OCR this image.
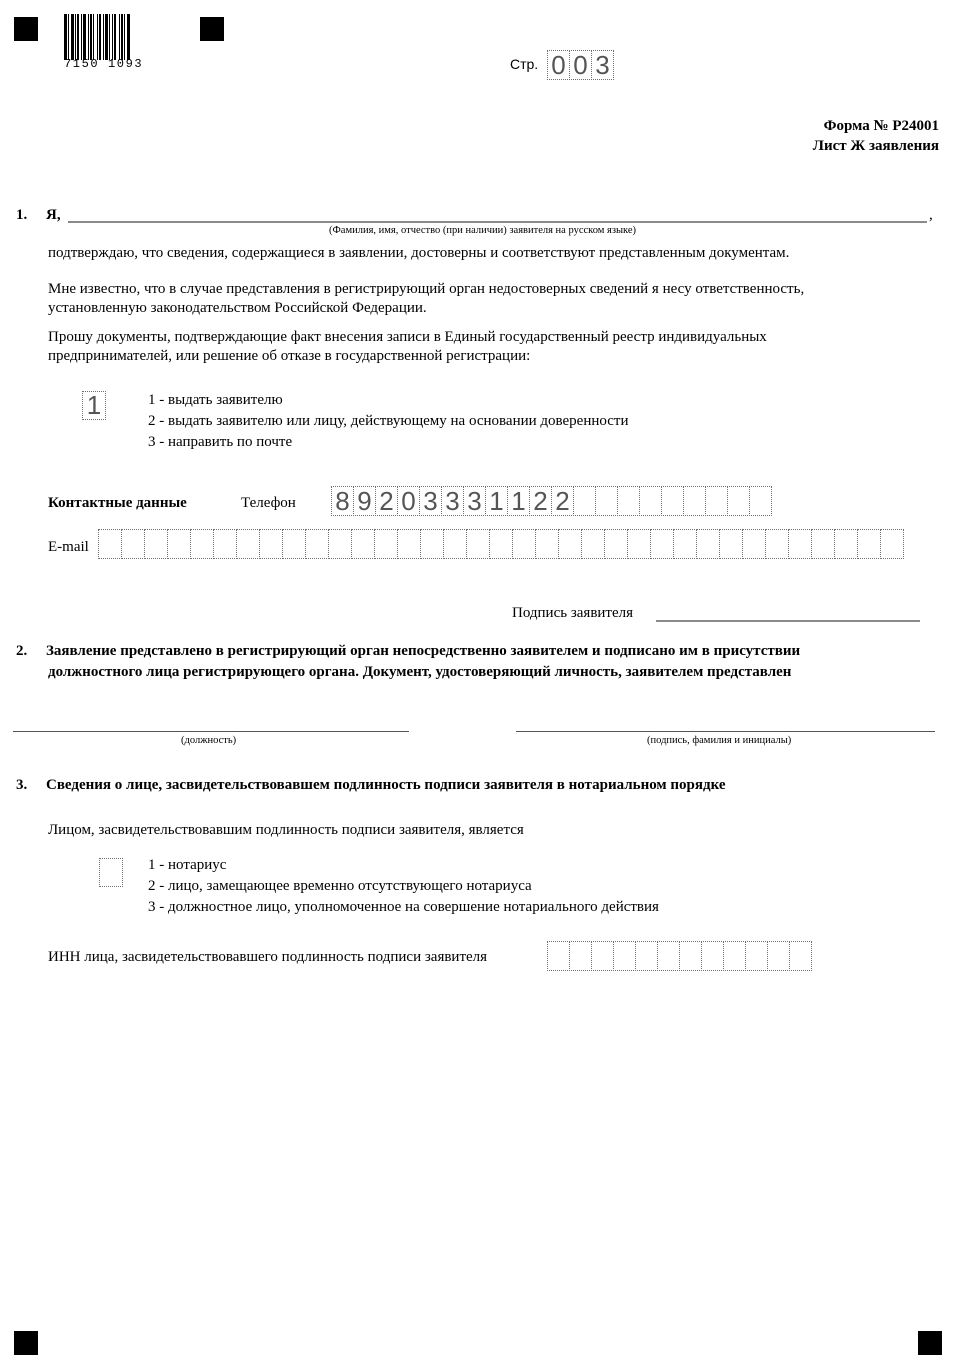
7150 1093	Стр. 0 0 3
Форма № Р24001
Лист Ж заявления
1. Я,	,
(Фамилия, имя, отчество (при наличии) заявителя на русском языке)
подтверждаю, что сведения, содержащиеся в заявлении, достоверны и соответствуют представленным документам.
Мне известно, что в случае представления в регистрирующий орган недостоверных сведений я несу ответственность,
установленную законодательством Российской Федерации.
Прошу документы, подтверждающие факт внесения записи в Единый государственный реестр индивидуальных
предпринимателей, или решение об отказе в государственной регистрации:
1	1 - выдать заявителю
2 - выдать заявителю или лицу, действующему на основании доверенности
3 - направить по почте
Контактные данные	Телефон 8 9 2 0 3 3 3 1 1 2 2
E-mail
Подпись заявителя
2. Заявление представлено в регистрирующий орган непосредственно заявителем и подписано им в присутствии
должностного лица регистрирующего органа. Документ, удостоверяющий личность, заявителем представлен
(должность)	(подпись, фамилия и инициалы)
3. Сведения о лице, засвидетельствовавшем подлинность подписи заявителя в нотариальном порядке
Лицом, засвидетельствовавшим подлинность подписи заявителя, является
1 - нотариус
2 - лицо, замещающее временно отсутствующего нотариуса
3 - должностное лицо, уполномоченное на совершение нотариального действия
ИНН лица, засвидетельствовавшего подлинность подписи заявителя
